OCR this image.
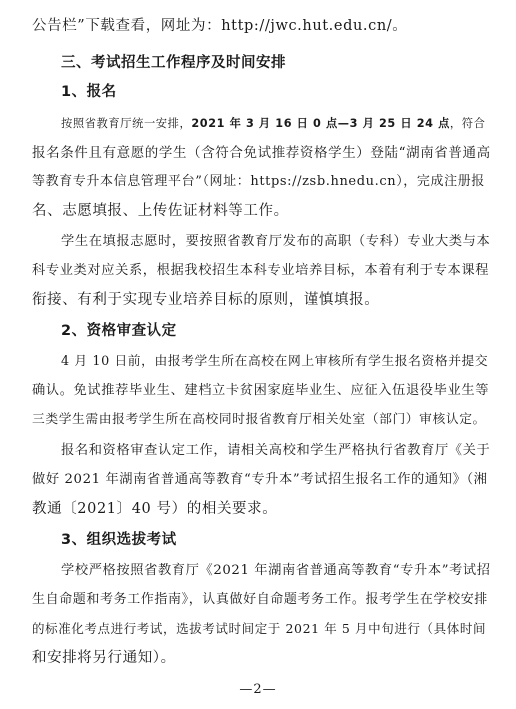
公告栏”下载查看，网址为：http://jwc.hut.edu.cn/。
三、考试招生工作程序及时间安排
1、报名
按照省教育厅统一安排，2021 年 3 月 16 日 0 点—3 月 25 日 24 点，符合
报名条件且有意愿的学生（含符合免试推荐资格学生）登陆“湖南省普通高
等教育专升本信息管理平台”（网址：https://zsb.hnedu.cn），完成注册报
名、志愿填报、上传佐证材料等工作。
学生在填报志愿时，要按照省教育厅发布的高职（专科）专业大类与本
科专业类对应关系，根据我校招生本科专业培养目标，本着有利于专本课程
衔接、有利于实现专业培养目标的原则，谨慎填报。
2、资格审查认定
4 月 10 日前，由报考学生所在高校在网上审核所有学生报名资格并提交
确认。免试推荐毕业生、建档立卡贫困家庭毕业生、应征入伍退役毕业生等
三类学生需由报考学生所在高校同时报省教育厅相关处室（部门）审核认定。
报名和资格审查认定工作，请相关高校和学生严格执行省教育厅《关于
做好 2021 年湖南省普通高等教育“专升本”考试招生报名工作的通知》（湘
教通〔2021〕40 号）的相关要求。
3、组织选拔考试
学校严格按照省教育厅《2021 年湖南省普通高等教育“专升本”考试招
生自命题和考务工作指南》，认真做好自命题考务工作。报考学生在学校安排
的标准化考点进行考试，选拔考试时间定于 2021 年 5 月中旬进行（具体时间
和安排将另行通知）。
—2—
